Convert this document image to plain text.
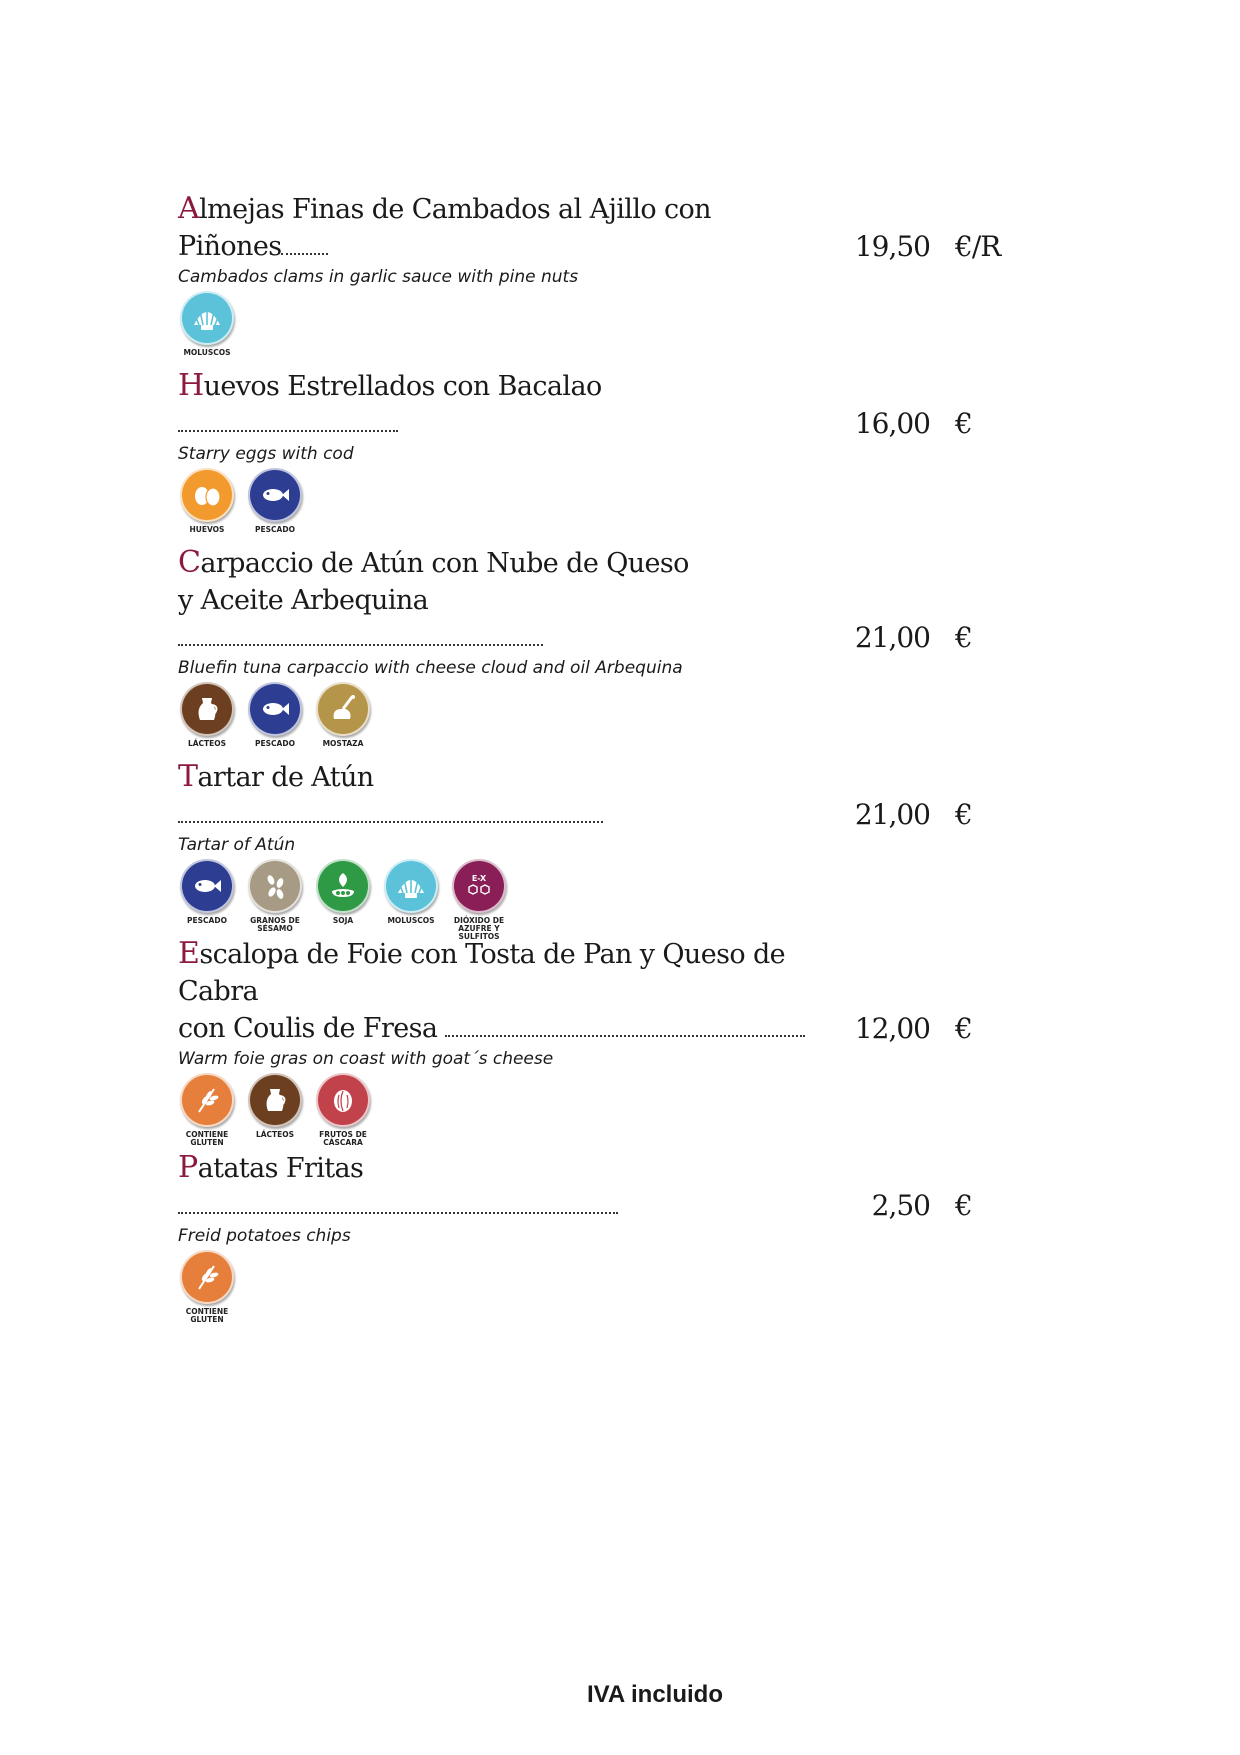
Almejas Finas de Cambados al Ajillo con Piñones	19,50 €/R
Cambados clams in garlic sauce with pine nuts
MOLUSCOS
Huevos Estrellados con Bacalao
16,00 €
Starry eggs with cod
HUEVOS	PESCADO
Carpaccio de Atún con Nube de Queso
y Aceite Arbequina
21,00 €
Bluefin tuna carpaccio with cheese cloud and oil Arbequina
LÁCTEOS	PESCADO	MOSTAZA
Tartar de Atún
21,00 €
Tartar of Atún
PESCADO	GRANOS DE SÉSAMO
SOJA	MOLUSCOS
E-X
DIÓXIDO DE AZUFRE Y SULFITOS
Escalopa de Foie con Tosta de Pan y Queso de Cabra
con Coulis de Fresa	12,00 €
Warm foie gras on coast with goat´s cheese
CONTIENE GLUTEN
LÁCTEOS	FRUTOS DE CÁSCARA
Patatas Fritas
2,50 €
Freid potatoes chips
CONTIENE GLUTEN
IVA incluido
